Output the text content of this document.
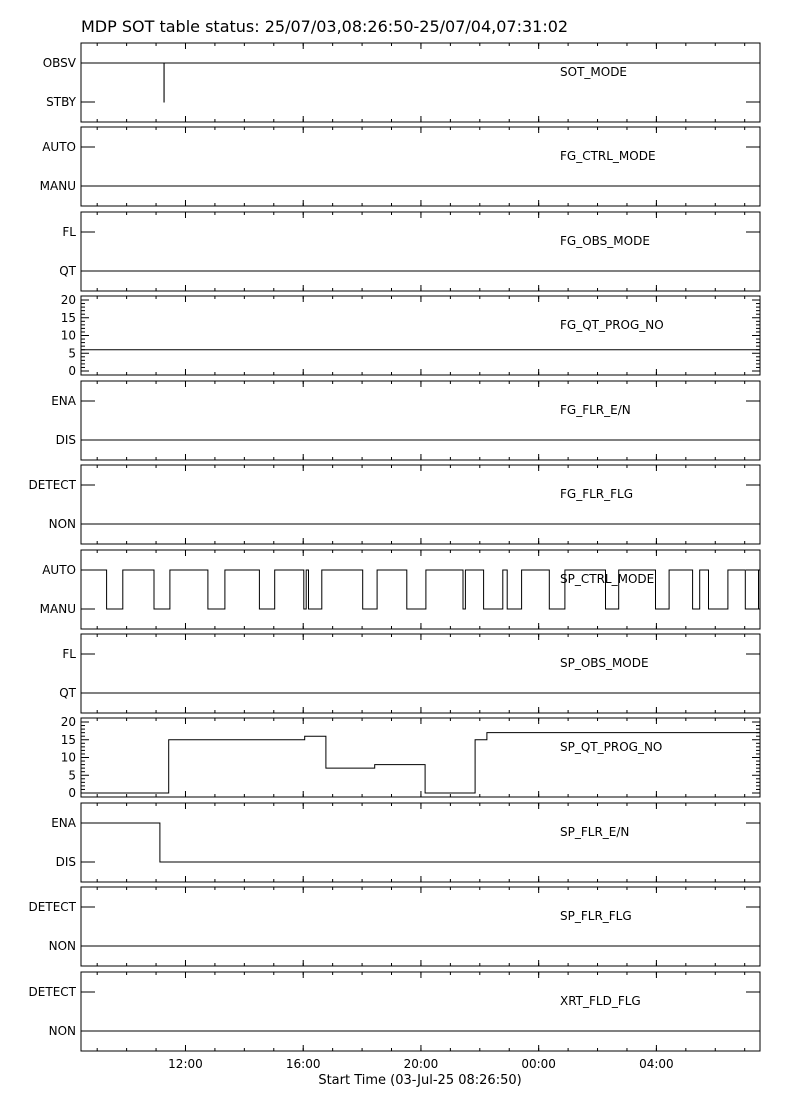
MDP SOT table status: 25/07/03,08:26:50-25/07/04,07:31:02
SOT_MODE
OBSV
STBY
FG_CTRL_MODE
AUTO
MANU
FG_OBS_MODE
FL
QT
FG_QT_PROG_NO
0
5
10
15
20
FG_FLR_E/N
ENA
DIS
FG_FLR_FLG
DETECT
NON
SP_CTRL_MODE
AUTO
MANU
SP_OBS_MODE
FL
QT
SP_QT_PROG_NO
0
5
10
15
20
SP_FLR_E/N
ENA
DIS
SP_FLR_FLG
DETECT
NON
XRT_FLD_FLG
DETECT
NON
12:00	16:00	20:00	00:00	04:00
Start Time (03-Jul-25 08:26:50)
